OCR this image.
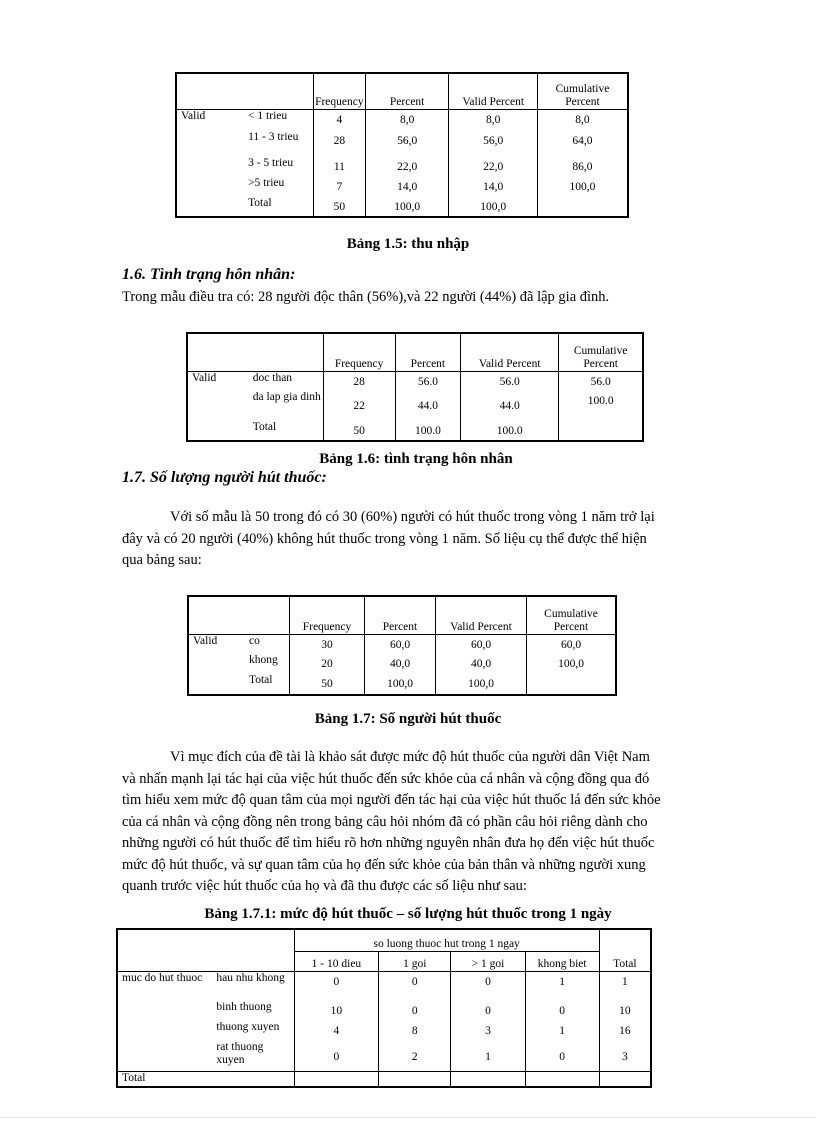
		Frequency	Percent	Valid Percent	Cumulative Percent
Valid	< 1 trieu	4	8,0	8,0	8,0
	11 - 3 trieu	28	56,0	56,0	64,0
	3 - 5 trieu	11	22,0	22,0	86,0
	>5 trieu	7	14,0	14,0	100,0
	Total	50	100,0	100,0	
Bảng 1.5: thu nhập
1.6. Tình trạng hôn nhân:
Trong mẫu điều tra có: 28 người độc thân (56%),và 22 người (44%) đã lập gia đình.
		Frequency	Percent	Valid Percent	Cumulative Percent
Valid	doc than	28	56.0	56.0	56.0
	da lap gia dinh	22	44.0	44.0	100.0
	Total	50	100.0	100.0	
Bảng 1.6: tình trạng hôn nhân
1.7. Số lượng người hút thuốc:
Với số mẫu là 50 trong đó có 30 (60%) người có hút thuốc trong vòng 1 năm trở lại
đây và có 20 người (40%) không hút thuốc trong vòng 1 năm. Số liệu cụ thể được thể hiện
qua bảng sau:
		Frequency	Percent	Valid Percent	Cumulative Percent
Valid	co	30	60,0	60,0	60,0
	khong	20	40,0	40,0	100,0
	Total	50	100,0	100,0	
Bảng 1.7: Số người hút thuốc
Vì mục đích của đề tài là khảo sát được mức độ hút thuốc của người dân Việt Nam
và nhấn mạnh lại tác hại của việc hút thuốc đến sức khỏe của cá nhân và cộng đồng qua đó
tìm hiểu xem mức độ quan tâm của mọi người đến tác hại của việc hút thuốc lá đến sức khỏe
của cá nhân và cộng đồng nên trong bảng câu hỏi nhóm đã có phần câu hỏi riêng dành cho
những người có hút thuốc để tìm hiểu rõ hơn những nguyên nhân đưa họ đến việc hút thuốc
mức độ hút thuốc, và sự quan tâm của họ đến sức khỏe của bản thân và những người xung
quanh trước việc hút thuốc của họ và đã thu được các số liệu như sau:
Bảng 1.7.1: mức độ hút thuốc – số lượng hút thuốc trong 1 ngày
		so luong thuoc hut trong 1 ngay				Total
		1 - 10 dieu	1 goi	> 1 goi	khong biet	
muc do hut thuoc	hau nhu khong	0	0	0	1	1
	binh thuong	10	0	0	0	10
	thuong xuyen	4	8	3	1	16
	rat thuong xuyen	0	2	1	0	3
Total						
